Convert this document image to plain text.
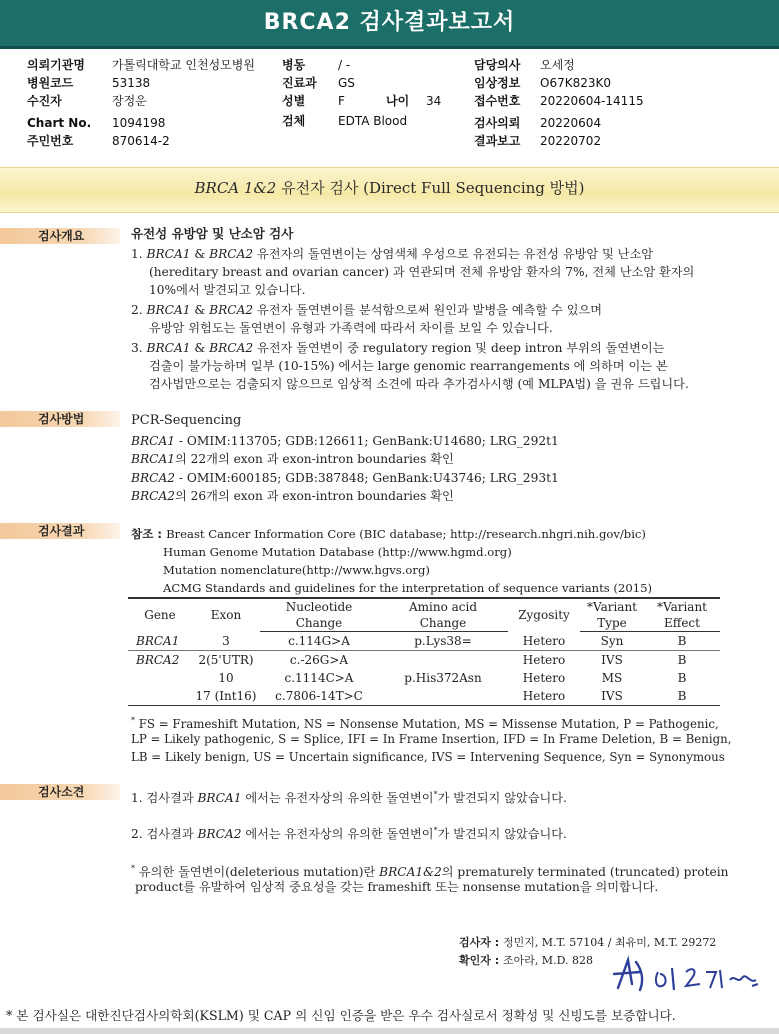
BRCA2 검사결과보고서
의뢰기관명 가톨릭대학교 인천성모병원
병원코드	53138
수진자	장정운
Chart No. 1094198
주민번호	870614-2
병동	/ -
진료과 GS
성별	F	나이 34
검체	EDTA Blood
담당의사 오세정
임상정보 O67K823K0
접수번호 20220604-14115
검사의뢰 20220604
결과보고 20220702
BRCA 1&2 유전자 검사 (Direct Full Sequencing 방법)
검사개요	유전성 유방암 및 난소암 검사
1. BRCA1 & BRCA2 유전자의 돌연변이는 상염색체 우성으로 유전되는 유전성 유방암 및 난소암
(hereditary breast and ovarian cancer) 과 연관되며 전체 유방암 환자의 7%, 전체 난소암 환자의
10%에서 발견되고 있습니다.
2. BRCA1 & BRCA2 유전자 돌연변이를 분석함으로써 원인과 발병을 예측할 수 있으며
유방암 위험도는 돌연변이 유형과 가족력에 따라서 차이를 보일 수 있습니다.
3. BRCA1 & BRCA2 유전자 돌연변이 중 regulatory region 및 deep intron 부위의 돌연변이는
검출이 불가능하며 일부 (10-15%) 에서는 large genomic rearrangements 에 의하며 이는 본
검사법만으로는 검출되지 않으므로 임상적 소견에 따라 추가검사시행 (예 MLPA법) 을 권유 드립니다.
검사방법	PCR-Sequencing
BRCA1 - OMIM:113705; GDB:126611; GenBank:U14680; LRG_292t1
BRCA1의 22개의 exon 과 exon-intron boundaries 확인
BRCA2 - OMIM:600185; GDB:387848; GenBank:U43746; LRG_293t1
BRCA2의 26개의 exon 과 exon-intron boundaries 확인
검사결과	참조 : Breast Cancer Information Core (BIC database; http://research.nhgri.nih.gov/bic)
Human Genome Mutation Database (http://www.hgmd.org)
Mutation nomenclature(http://www.hgvs.org)
ACMG Standards and guidelines for the interpretation of sequence variants (2015)
Gene	Exon	Nucleotide	Amino acid	Zygosity	*Variant	*Variant
		Change	Change		Type	Effect
BRCA1	3	c.114G>A	p.Lys38=	Hetero	Syn	B
BRCA2	2(5'UTR)	c.-26G>A		Hetero	IVS	B
	10	c.1114C>A	p.His372Asn	Hetero	MS	B
	17 (Int16)	c.7806-14T>C		Hetero	IVS	B
* FS = Frameshift Mutation, NS = Nonsense Mutation, MS = Missense Mutation, P = Pathogenic,
LP = Likely pathogenic, S = Splice, IFI = In Frame Insertion, IFD = In Frame Deletion, B = Benign,
LB = Likely benign, US = Uncertain significance, IVS = Intervening Sequence, Syn = Synonymous
검사소견	1. 검사결과 BRCA1 에서는 유전자상의 유의한 돌연변이*가 발견되지 않았습니다.
2. 검사결과 BRCA2 에서는 유전자상의 유의한 돌연변이*가 발견되지 않았습니다.
* 유의한 돌연변이(deleterious mutation)란 BRCA1&2의 prematurely terminated (truncated) protein
product를 유발하여 임상적 중요성을 갖는 frameshift 또는 nonsense mutation을 의미합니다.
검사자 : 정민지, M.T. 57104 / 최유미, M.T. 29272
확인자 : 조아라, M.D. 828
* 본 검사실은 대한진단검사의학회(KSLM) 및 CAP 의 신임 인증을 받은 우수 검사실로서 정확성 및 신빙도를 보증합니다.
